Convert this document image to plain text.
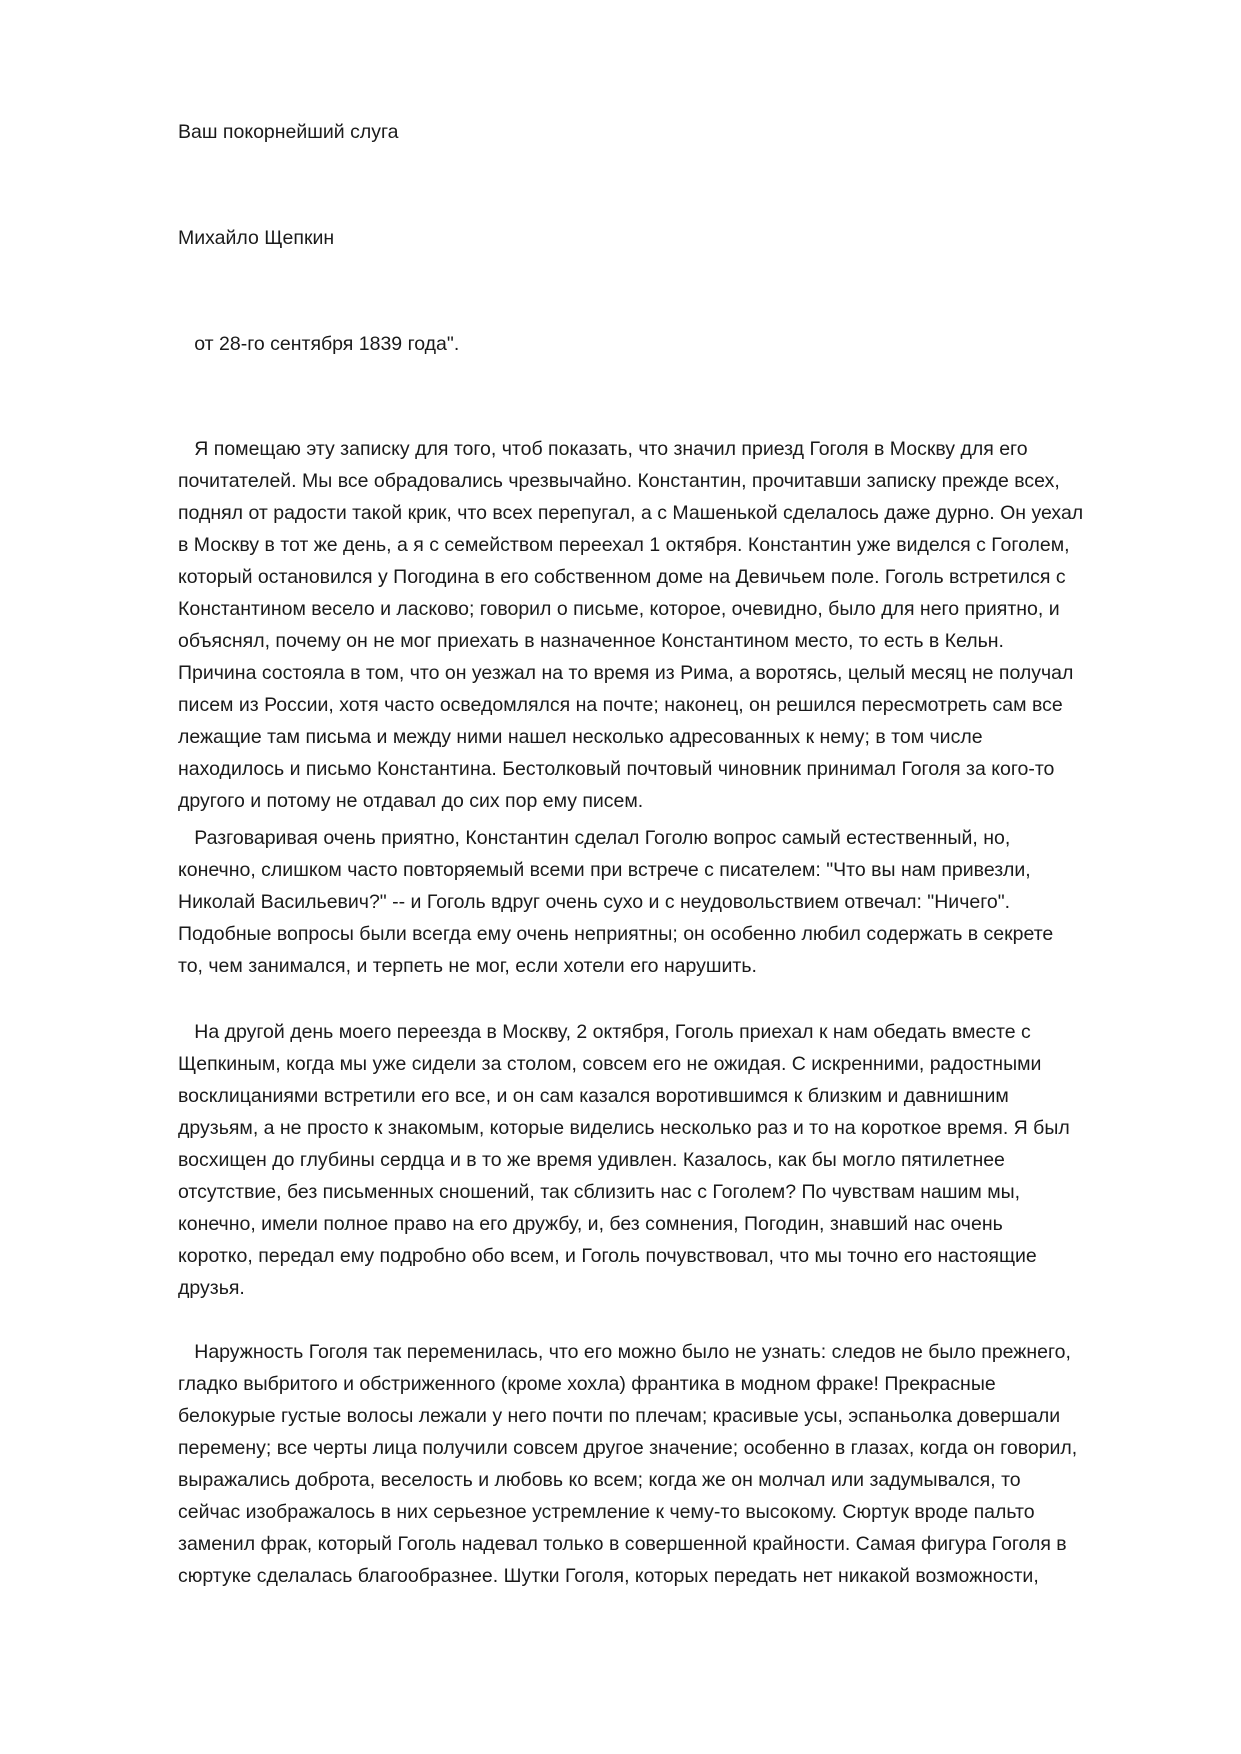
Ваш покорнейший слуга
Михайло Щепкин
от 28-го сентября 1839 года".
Я помещаю эту записку для того, чтоб показать, что значил приезд Гоголя в Москву для его
почитателей. Мы все обрадовались чрезвычайно. Константин, прочитавши записку прежде всех,
поднял от радости такой крик, что всех перепугал, а с Машенькой сделалось даже дурно. Он уехал
в Москву в тот же день, а я с семейством переехал 1 октября. Константин уже виделся с Гоголем,
который остановился у Погодина в его собственном доме на Девичьем поле. Гоголь встретился с
Константином весело и ласково; говорил о письме, которое, очевидно, было для него приятно, и
объяснял, почему он не мог приехать в назначенное Константином место, то есть в Кельн.
Причина состояла в том, что он уезжал на то время из Рима, а воротясь, целый месяц не получал
писем из России, хотя часто осведомлялся на почте; наконец, он решился пересмотреть сам все
лежащие там письма и между ними нашел несколько адресованных к нему; в том числе
находилось и письмо Константина. Бестолковый почтовый чиновник принимал Гоголя за кого-то
другого и потому не отдавал до сих пор ему писем.
Разговаривая очень приятно, Константин сделал Гоголю вопрос самый естественный, но,
конечно, слишком часто повторяемый всеми при встрече с писателем: "Что вы нам привезли,
Николай Васильевич?" -- и Гоголь вдруг очень сухо и с неудовольствием отвечал: "Ничего".
Подобные вопросы были всегда ему очень неприятны; он особенно любил содержать в секрете
то, чем занимался, и терпеть не мог, если хотели его нарушить.
На другой день моего переезда в Москву, 2 октября, Гоголь приехал к нам обедать вместе с
Щепкиным, когда мы уже сидели за столом, совсем его не ожидая. С искренними, радостными
восклицаниями встретили его все, и он сам казался воротившимся к близким и давнишним
друзьям, а не просто к знакомым, которые виделись несколько раз и то на короткое время. Я был
восхищен до глубины сердца и в то же время удивлен. Казалось, как бы могло пятилетнее
отсутствие, без письменных сношений, так сблизить нас с Гоголем? По чувствам нашим мы,
конечно, имели полное право на его дружбу, и, без сомнения, Погодин, знавший нас очень
коротко, передал ему подробно обо всем, и Гоголь почувствовал, что мы точно его настоящие
друзья.
Наружность Гоголя так переменилась, что его можно было не узнать: следов не было прежнего,
гладко выбритого и обстриженного (кроме хохла) франтика в модном фраке! Прекрасные
белокурые густые волосы лежали у него почти по плечам; красивые усы, эспаньолка довершали
перемену; все черты лица получили совсем другое значение; особенно в глазах, когда он говорил,
выражались доброта, веселость и любовь ко всем; когда же он молчал или задумывался, то
сейчас изображалось в них серьезное устремление к чему-то высокому. Сюртук вроде пальто
заменил фрак, который Гоголь надевал только в совершенной крайности. Самая фигура Гоголя в
сюртуке сделалась благообразнее. Шутки Гоголя, которых передать нет никакой возможности,
